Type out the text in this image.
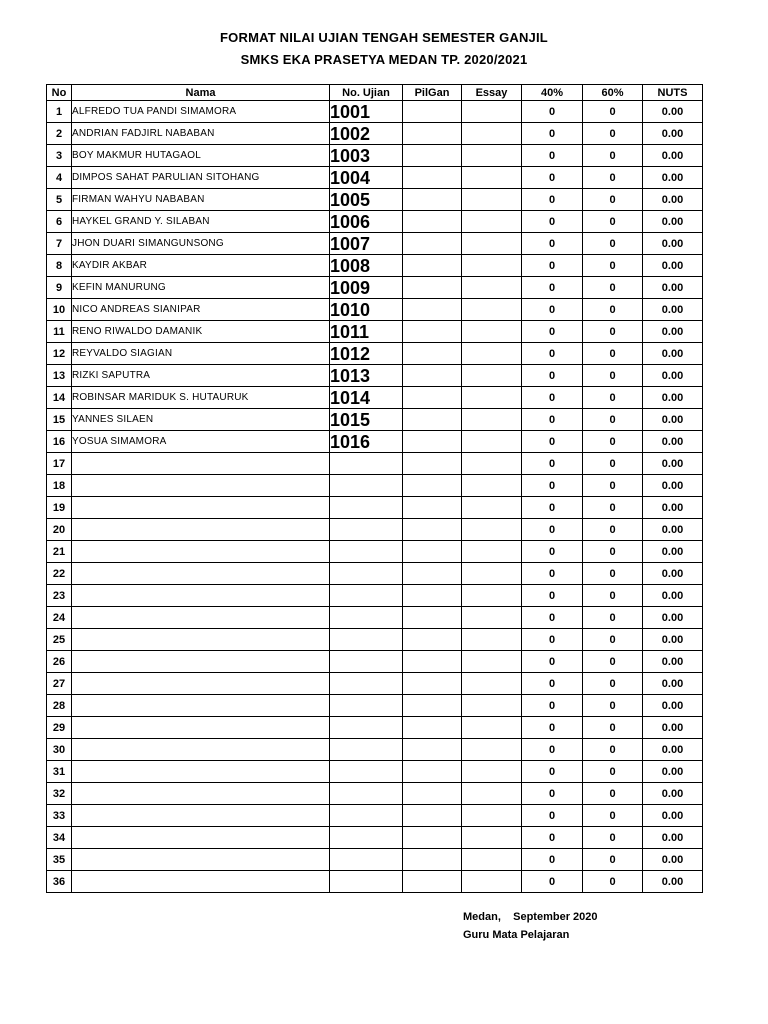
FORMAT NILAI UJIAN TENGAH SEMESTER GANJIL
SMKS EKA PRASETYA MEDAN TP. 2020/2021
No	Nama	No. Ujian	PilGan	Essay	40%	60%	NUTS
1	ALFREDO TUA PANDI SIMAMORA	1001			0	0	0.00
2	ANDRIAN FADJIRL NABABAN	1002			0	0	0.00
3	BOY MAKMUR HUTAGAOL	1003			0	0	0.00
4	DIMPOS SAHAT PARULIAN SITOHANG	1004			0	0	0.00
5	FIRMAN WAHYU NABABAN	1005			0	0	0.00
6	HAYKEL GRAND Y. SILABAN	1006			0	0	0.00
7	JHON DUARI SIMANGUNSONG	1007			0	0	0.00
8	KAYDIR AKBAR	1008			0	0	0.00
9	KEFIN MANURUNG	1009			0	0	0.00
10	NICO ANDREAS SIANIPAR	1010			0	0	0.00
11	RENO RIWALDO DAMANIK	1011			0	0	0.00
12	REYVALDO SIAGIAN	1012			0	0	0.00
13	RIZKI SAPUTRA	1013			0	0	0.00
14	ROBINSAR MARIDUK S. HUTAURUK	1014			0	0	0.00
15	YANNES SILAEN	1015			0	0	0.00
16	YOSUA SIMAMORA	1016			0	0	0.00
17					0	0	0.00
18					0	0	0.00
19					0	0	0.00
20					0	0	0.00
21					0	0	0.00
22					0	0	0.00
23					0	0	0.00
24					0	0	0.00
25					0	0	0.00
26					0	0	0.00
27					0	0	0.00
28					0	0	0.00
29					0	0	0.00
30					0	0	0.00
31					0	0	0.00
32					0	0	0.00
33					0	0	0.00
34					0	0	0.00
35					0	0	0.00
36					0	0	0.00
Medan,    September 2020
Guru Mata Pelajaran
